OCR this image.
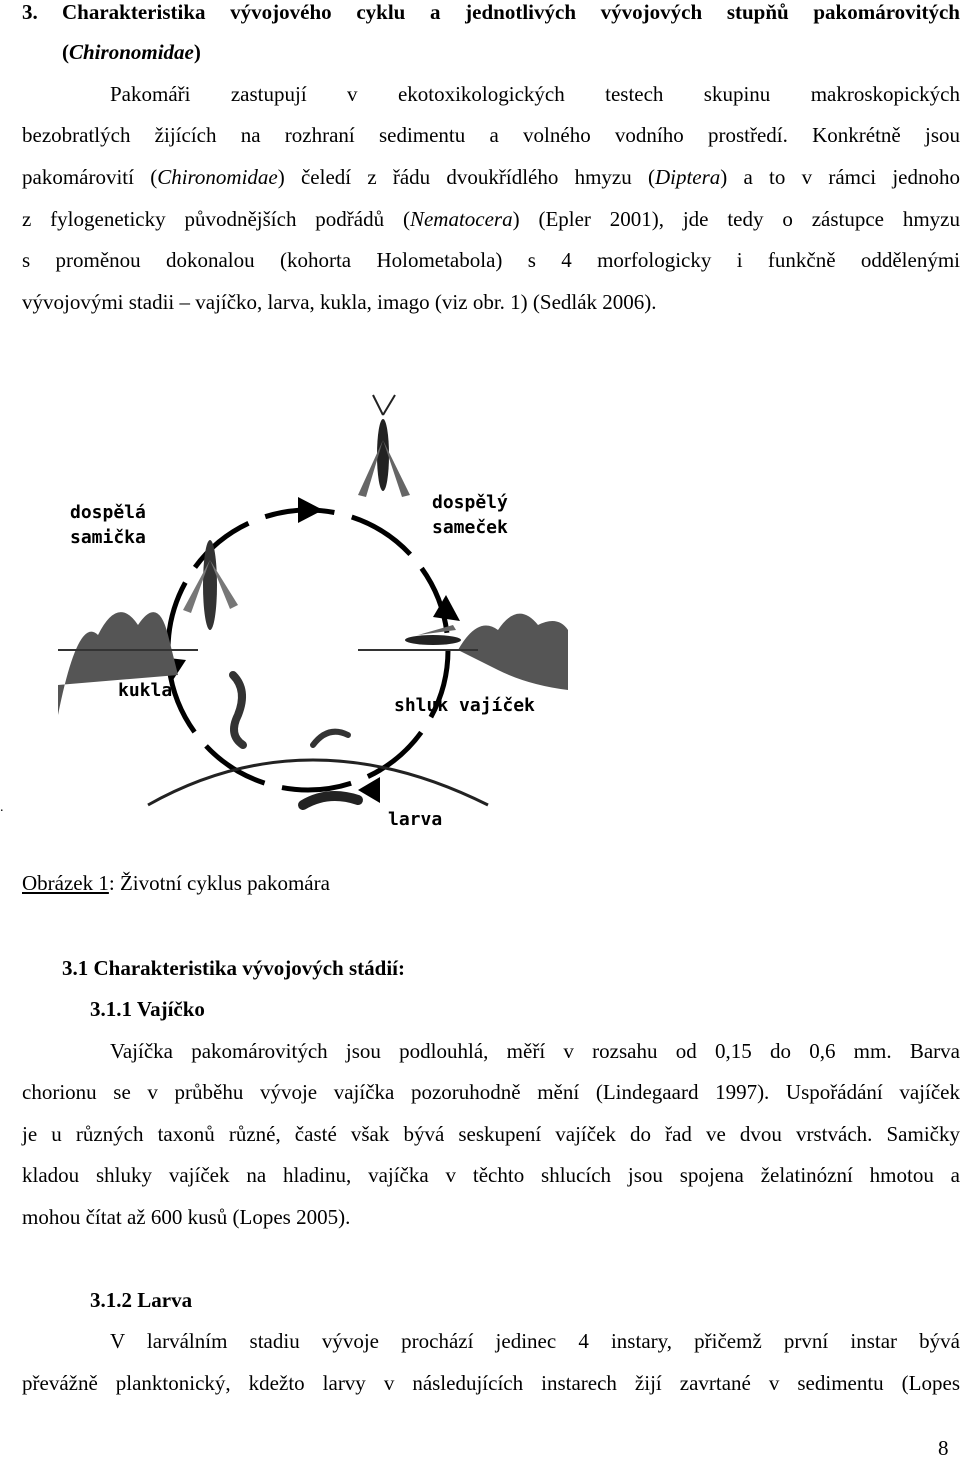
3. Charakteristika vývojového cyklu a jednotlivých vývojových stupňů pakomárovitých
(Chironomidae)
Pakomáři zastupují v ekotoxikologických testech skupinu makroskopických
bezobratlých žijících na rozhraní sedimentu a volného vodního prostředí. Konkrétně jsou
pakomárovití (Chironomidae) čeledí z řádu dvoukřídlého hmyzu (Diptera) a to v rámci jednoho
z fylogeneticky původnějších podřádů (Nematocera) (Epler 2001), jde tedy o zástupce hmyzu
s proměnou dokonalou (kohorta Holometabola) s 4 morfologicky i funkčně oddělenými
vývojovými stadii – vajíčko, larva, kukla, imago (viz obr. 1) (Sedlák 2006).
dospělá
samička
dospělý
sameček
kukla
shluk vajíček
larva
.
Obrázek 1: Životní cyklus pakomára
3.1 Charakteristika vývojových stádií:
3.1.1 Vajíčko
Vajíčka pakomárovitých jsou podlouhlá, měří v rozsahu od 0,15 do 0,6 mm. Barva
chorionu se v průběhu vývoje vajíčka pozoruhodně mění (Lindegaard 1997). Uspořádání vajíček
je u různých taxonů různé, časté však bývá seskupení vajíček do řad ve dvou vrstvách. Samičky
kladou shluky vajíček na hladinu, vajíčka v těchto shlucích jsou spojena želatinózní hmotou a
mohou čítat až 600 kusů (Lopes 2005).
3.1.2 Larva
V larválním stadiu vývoje prochází jedinec 4 instary, přičemž první instar bývá
převážně planktonický, kdežto larvy v následujících instarech žijí zavrtané v sedimentu (Lopes
8
